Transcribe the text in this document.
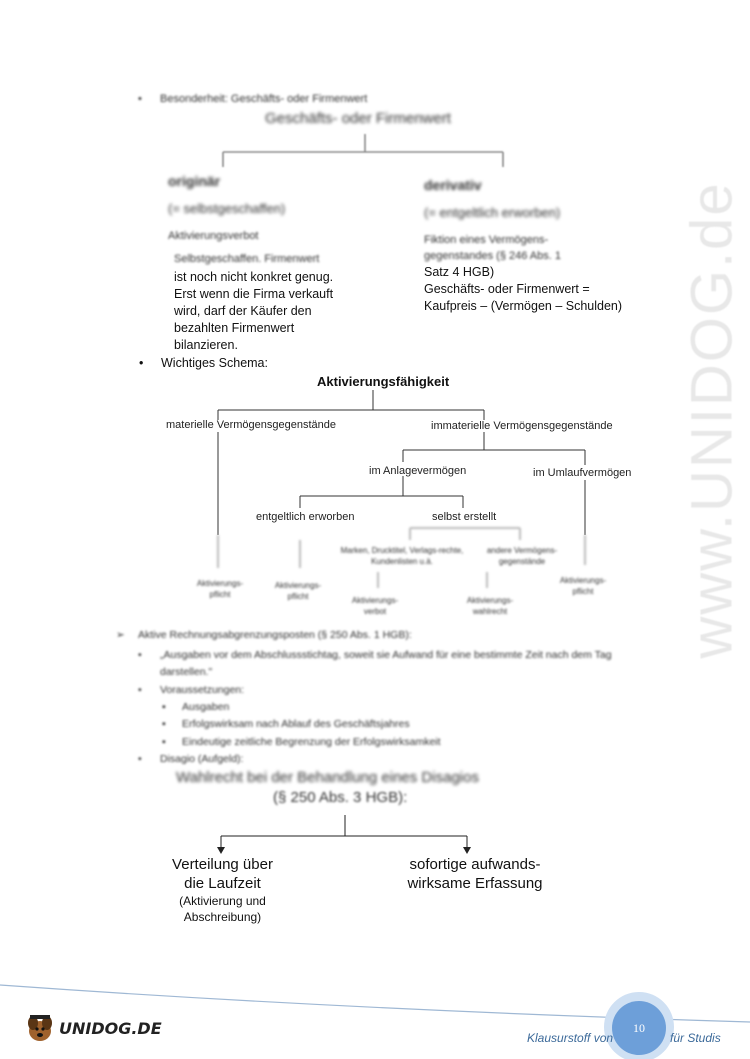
www.UNIDOG.de
• Besonderheit: Geschäfts- oder Firmenwert
Geschäfts- oder Firmenwert
originär
(= selbstgeschaffen)
Aktivierungsverbot
Selbstgeschaffen. Firmenwert
ist noch nicht konkret genug.
Erst wenn die Firma verkauft
wird, darf der Käufer den
bezahlten Firmenwert
bilanzieren.
derivativ
(= entgeltlich erworben)
Fiktion eines Vermögens-
gegenstandes (§ 246 Abs. 1
Satz 4 HGB)
Geschäfts- oder Firmenwert =
Kaufpreis – (Vermögen – Schulden)
• Wichtiges Schema:
Aktivierungsfähigkeit
materielle Vermögensgegenstände	immaterielle Vermögensgegenstände
im Anlagevermögen	im Umlaufvermögen
entgeltlich erworben	selbst erstellt
Marken, Drucktitel, Verlags-rechte, Kundenlisten u.ä.
andere Vermögens-gegenstände
Aktivierungs-pflicht
Aktivierungs-pflicht	Aktivierungs-verbot
Aktivierungs-wahlrecht
Aktivierungs-pflicht
➢ Aktive Rechnungsabgrenzungsposten (§ 250 Abs. 1 HGB):
• „Ausgaben vor dem Abschlussstichtag, soweit sie Aufwand für eine bestimmte Zeit nach dem Tag darstellen."
• Voraussetzungen:
▪ Ausgaben
▪ Erfolgswirksam nach Ablauf des Geschäftsjahres
▪ Eindeutige zeitliche Begrenzung der Erfolgswirksamkeit
• Disagio (Aufgeld):
Wahlrecht bei der Behandlung eines Disagios
(§ 250 Abs. 3 HGB):
Verteilung über
die Laufzeit
(Aktivierung und
Abschreibung)
sofortige aufwands-
wirksame Erfassung
UNIDOG.DE
Klausurstoff von	für Studis
10
